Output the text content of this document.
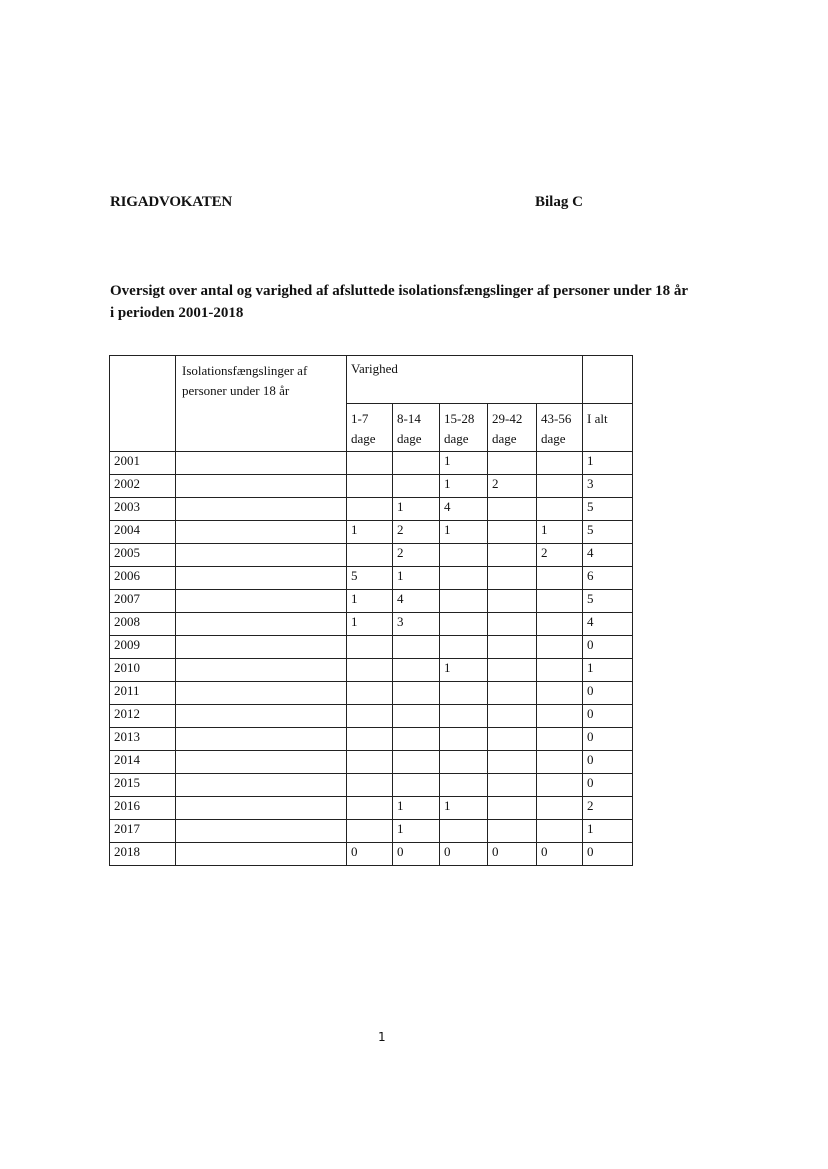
RIGADVOKATEN	Bilag C
Oversigt over antal og varighed af afsluttede isolationsfængslinger af personer under 18 år i perioden 2001-2018
	Isolationsfængslinger af personer under 18 år	Varighed					
		1-7
dage	8-14
dage	15-28
dage	29-42
dage	43-56
dage	I alt
2001				1			1
2002				1	2		3
2003			1	4			5
2004		1	2	1		1	5
2005			2			2	4
2006		5	1				6
2007		1	4				5
2008		1	3				4
2009							0
2010				1			1
2011							0
2012							0
2013							0
2014							0
2015							0
2016			1	1			2
2017			1				1
2018		0	0	0	0	0	0
1
